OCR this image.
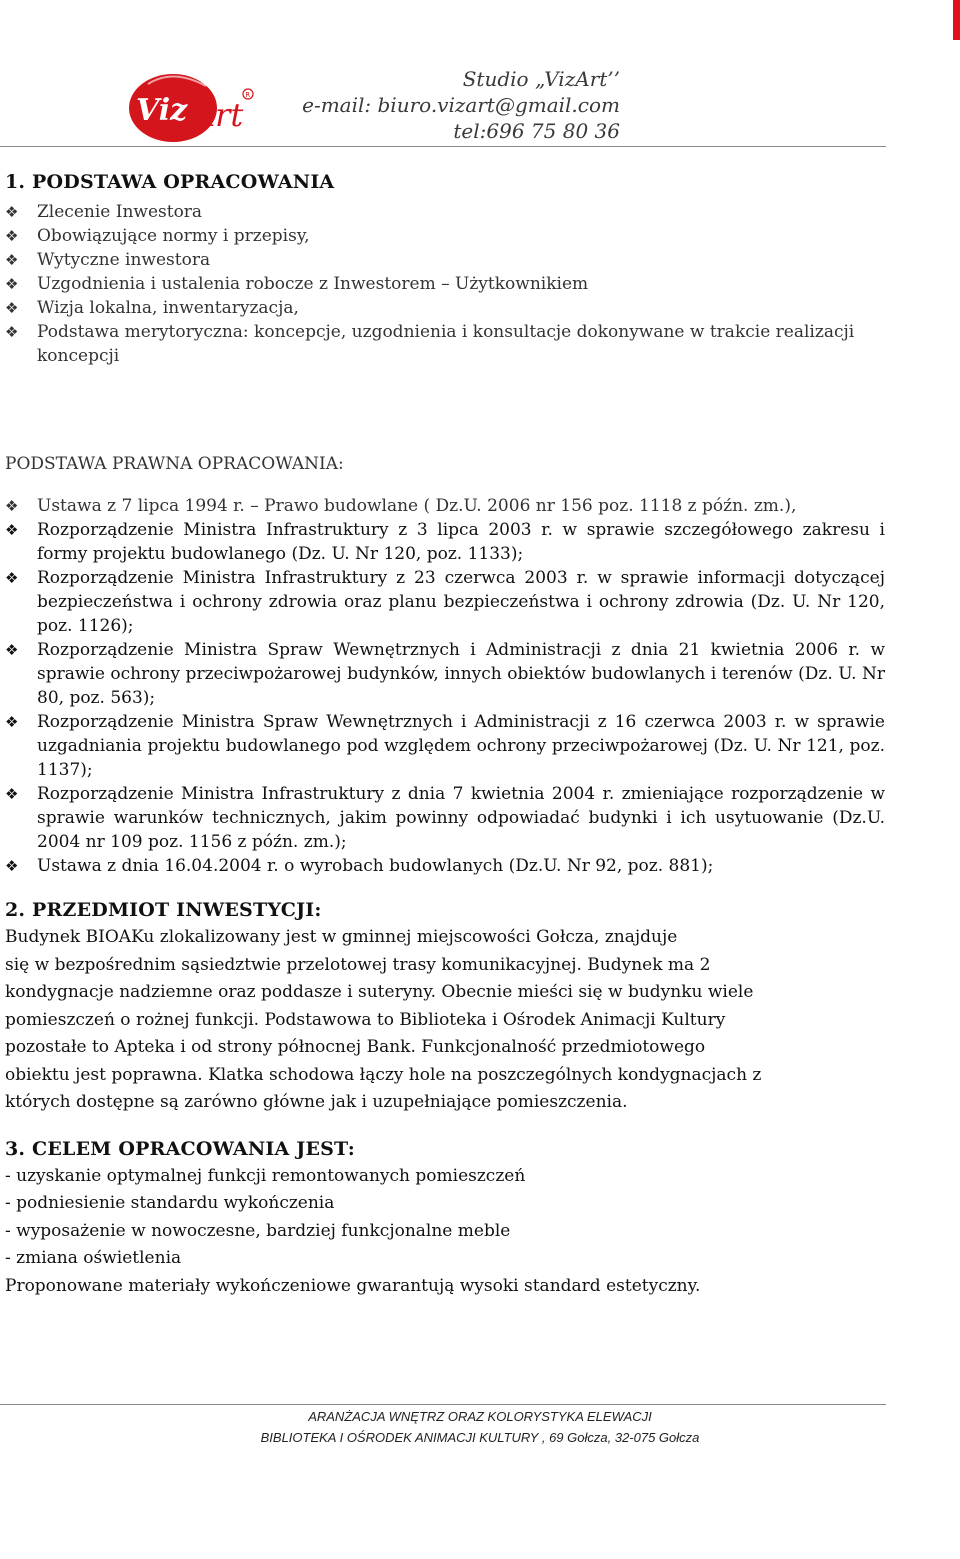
Viz Art
R
Studio „VizArt’’
e-mail: biuro.vizart@gmail.com
tel:696 75 80 36
1. PODSTAWA OPRACOWANIA
❖ Zlecenie Inwestora
❖ Obowiązujące normy i przepisy,
❖ Wytyczne inwestora
❖ Uzgodnienia i ustalenia robocze z Inwestorem – Użytkownikiem
❖ Wizja lokalna, inwentaryzacja,
❖ Podstawa merytoryczna: koncepcje, uzgodnienia i konsultacje dokonywane w trakcie realizacji koncepcji
PODSTAWA PRAWNA OPRACOWANIA:
❖ Ustawa z 7 lipca 1994 r. – Prawo budowlane ( Dz.U. 2006 nr 156 poz. 1118 z późn. zm.),
❖ Rozporządzenie Ministra Infrastruktury z 3 lipca 2003 r. w sprawie szczegółowego zakresu i formy projektu budowlanego (Dz. U. Nr 120, poz. 1133);
❖ Rozporządzenie Ministra Infrastruktury z 23 czerwca 2003 r. w sprawie informacji dotyczącej bezpieczeństwa i ochrony zdrowia oraz planu bezpieczeństwa i ochrony zdrowia (Dz. U. Nr 120, poz. 1126);
❖ Rozporządzenie Ministra Spraw Wewnętrznych i Administracji z dnia 21 kwietnia 2006 r. w sprawie ochrony przeciwpożarowej budynków, innych obiektów budowlanych i terenów (Dz. U. Nr 80, poz. 563);
❖ Rozporządzenie Ministra Spraw Wewnętrznych i Administracji z 16 czerwca 2003 r. w sprawie uzgadniania projektu budowlanego pod względem ochrony przeciwpożarowej (Dz. U. Nr 121, poz. 1137);
❖ Rozporządzenie Ministra Infrastruktury z dnia 7 kwietnia 2004 r. zmieniające rozporządzenie w sprawie warunków technicznych, jakim powinny odpowiadać budynki i ich usytuowanie (Dz.U. 2004 nr 109 poz. 1156 z późn. zm.);
❖ Ustawa z dnia 16.04.2004 r. o wyrobach budowlanych (Dz.U. Nr 92, poz. 881);
2. PRZEDMIOT INWESTYCJI:
Budynek BIOAKu zlokalizowany jest w gminnej miejscowości Gołcza, znajduje
się w bezpośrednim sąsiedztwie przelotowej trasy komunikacyjnej. Budynek ma 2
kondygnacje nadziemne oraz poddasze i suteryny. Obecnie mieści się w budynku wiele
pomieszczeń o rożnej funkcji. Podstawowa to Biblioteka i Ośrodek Animacji Kultury
pozostałe to Apteka i od strony północnej Bank. Funkcjonalność przedmiotowego
obiektu jest poprawna. Klatka schodowa łączy hole na poszczególnych kondygnacjach z
których dostępne są zarówno główne jak i uzupełniające pomieszczenia.
3. CELEM OPRACOWANIA JEST:
- uzyskanie optymalnej funkcji remontowanych pomieszczeń
- podniesienie standardu wykończenia
- wyposażenie w nowoczesne, bardziej funkcjonalne meble
- zmiana oświetlenia
Proponowane materiały wykończeniowe gwarantują wysoki standard estetyczny.
ARANŻACJA WNĘTRZ ORAZ KOLORYSTYKA ELEWACJI
BIBLIOTEKA I OŚRODEK ANIMACJI KULTURY , 69 Gołcza, 32-075 Gołcza
